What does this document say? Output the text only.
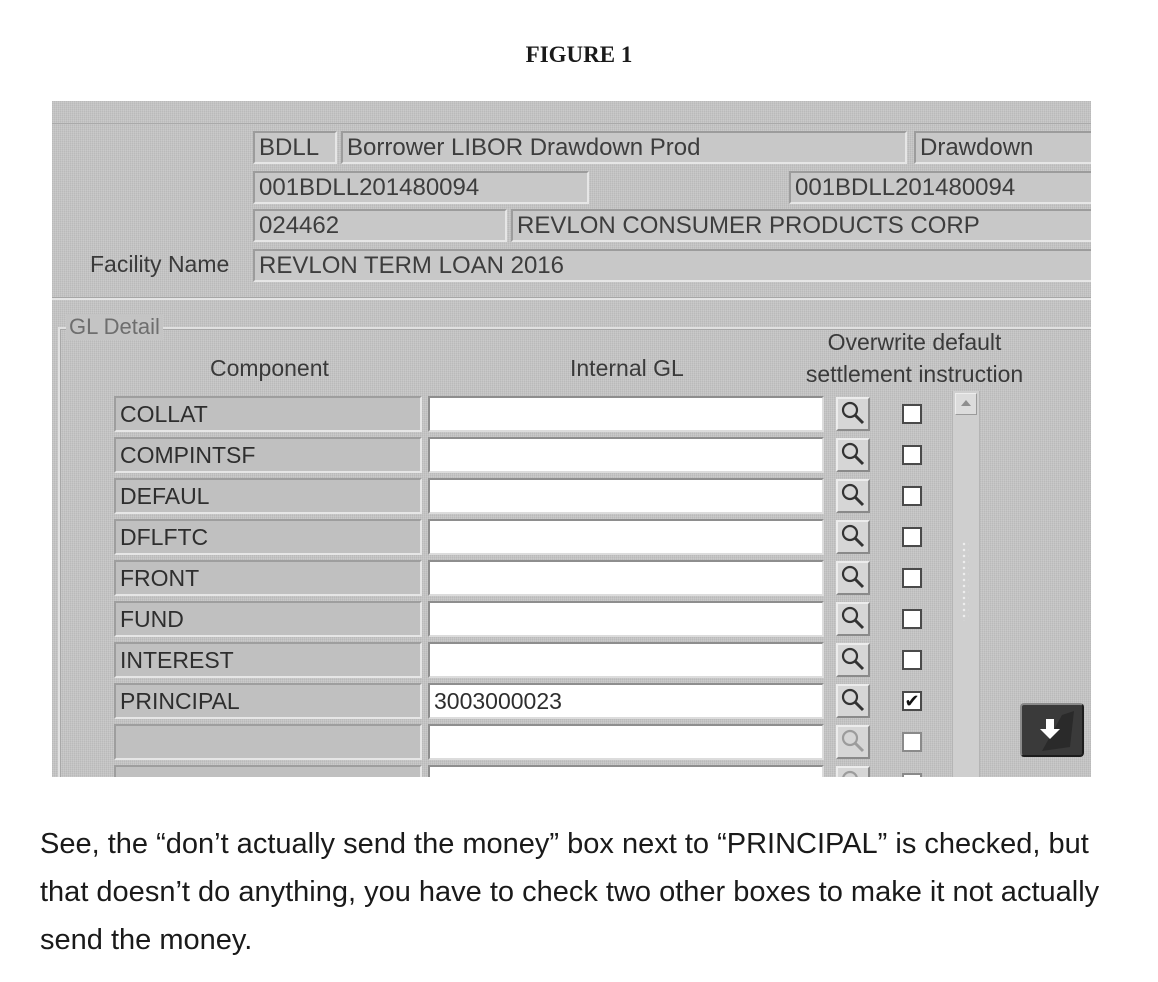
FIGURE 1
BDLL	Borrower LIBOR Drawdown Prod	Drawdown
001BDLL201480094	001BDLL201480094
024462	REVLON CONSUMER PRODUCTS CORP
Facility Name REVLON TERM LOAN 2016
GL Detail
Component	Internal GL
Overwrite default
settlement instruction
COLLAT
COMPINTSF
DEFAUL
DFLFTC
FRONT
FUND
INTEREST
PRINCIPAL	3003000023	✔
See, the “don’t actually send the money” box next to “PRINCIPAL” is checked, but that doesn’t do anything, you have to check two other boxes to make it not actually send the money.
